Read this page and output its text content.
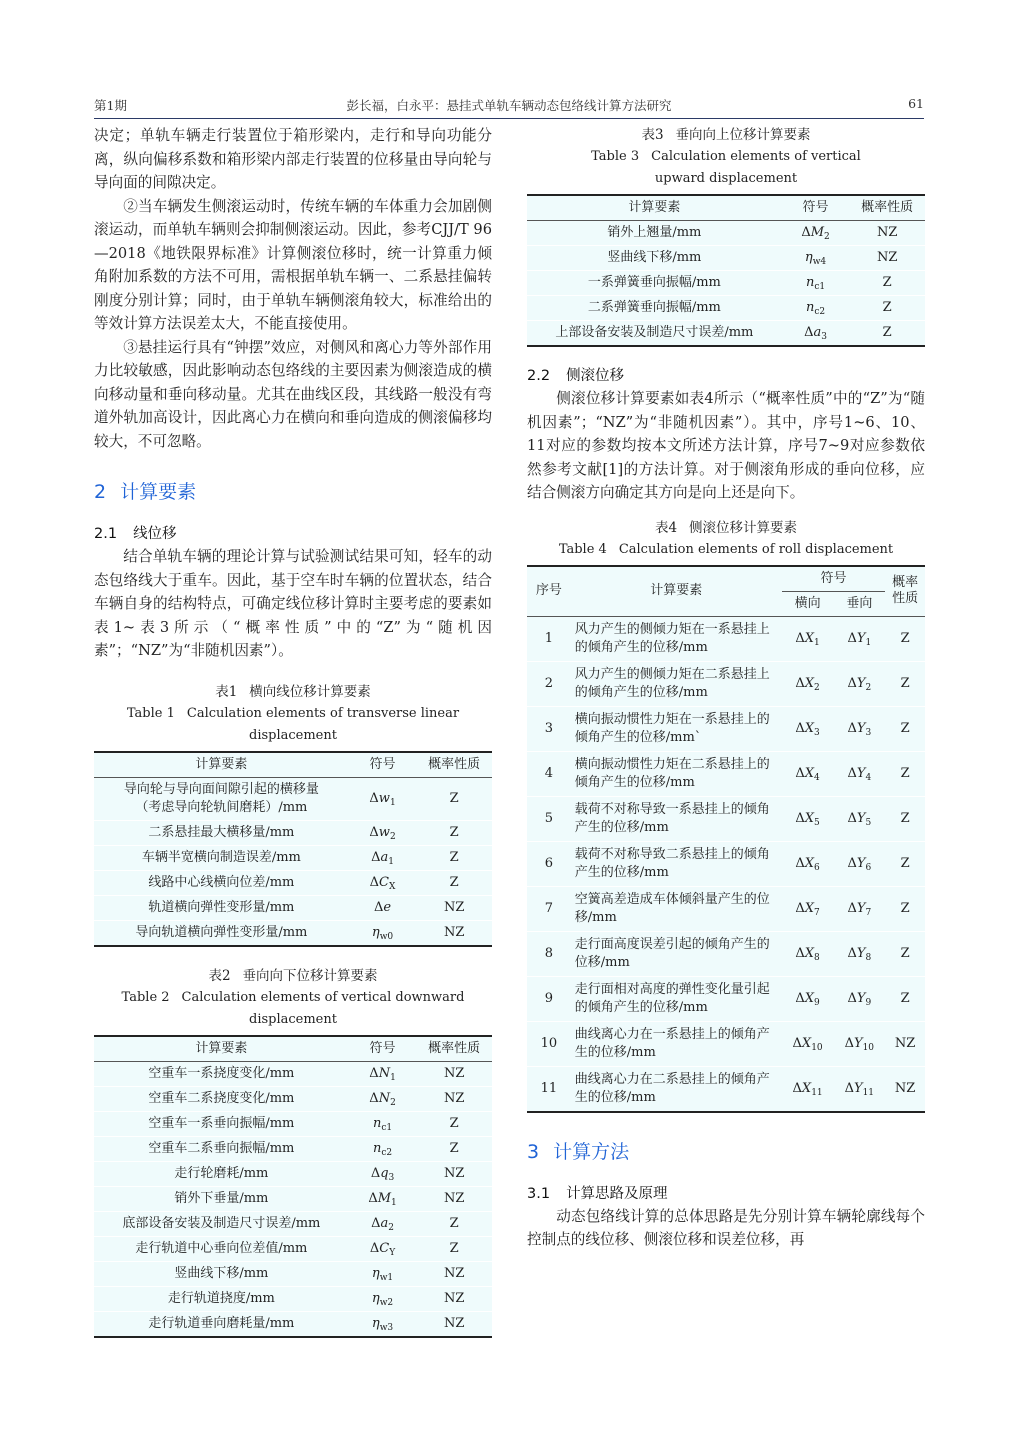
第1期	彭长福，白永平：悬挂式单轨车辆动态包络线计算方法研究	61

决定；单轨车辆走行装置位于箱形梁内，走行和导向功能分离，纵向偏移系数和箱形梁内部走行装置的位移量由导向轮与导向面的间隙决定。

②当车辆发生侧滚运动时，传统车辆的车体重力会加剧侧滚运动，而单轨车辆则会抑制侧滚运动。因此，参考CJJ/T 96—2018《地铁限界标准》计算侧滚位移时，统一计算重力倾角附加系数的方法不可用，需根据单轨车辆一、二系悬挂偏转刚度分别计算；同时，由于单轨车辆侧滚角较大，标准给出的等效计算方法误差太大，不能直接使用。

③悬挂运行具有“钟摆”效应，对侧风和离心力等外部作用力比较敏感，因此影响动态包络线的主要因素为侧滚造成的横向移动量和垂向移动量。尤其在曲线区段，其线路一般没有弯道外轨加高设计，因此离心力在横向和垂向造成的侧滚偏移均较大，不可忽略。

2 计算要素
2.1 线位移

结合单轨车辆的理论计算与试验测试结果可知，轻车的动态包络线大于重车。因此，基于空车时车辆的位置状态，结合车辆自身的结构特点，可确定线位移计算时主要考虑的要素如表1~表3所示（“概率性质”中的“Z”为“随机因素”；“NZ”为“非随机因素”）。

表1 横向线位移计算要素

Table 1 Calculation elements of transverse linear displacement

计算要素	符号	概率性质

导向轮与导向面间隙引起的横移量
（考虑导向轮轨间磨耗）/mm	$\Delta w_1$	Z

二系悬挂最大横移量/mm	$\Delta w_2$	Z

车辆半宽横向制造误差/mm	$\Delta a_1$	Z

线路中心线横向位差/mm	$\Delta C_X$	Z

轨道横向弹性变形量/mm	Δe	NZ

导向轨道横向弹性变形量/mm	$\eta_{w0}$	NZ

表2 垂向向下位移计算要素

Table 2 Calculation elements of vertical downward displacement

计算要素	符号	概率性质

空重车一系挠度变化/mm	$\Delta N_1$	NZ

空重车二系挠度变化/mm	$\Delta N_2$	NZ

空重车一系垂向振幅/mm	$n_{c1}$	Z

空重车二系垂向振幅/mm	$n_{c2}$	Z

走行轮磨耗/mm	$\Delta q_3$	NZ

销外下垂量/mm	$\Delta M_1$	NZ

底部设备安装及制造尺寸误差/mm	$\Delta a_2$	Z

走行轨道中心垂向位差值/mm	$\Delta C_Y$	Z

竖曲线下移/mm	$\eta_{w1}$	NZ

走行轨道挠度/mm	$\eta_{w2}$	NZ

走行轨道垂向磨耗量/mm	$\eta_{w3}$	NZ

表3 垂向向上位移计算要素

Table 3 Calculation elements of vertical upward displacement

计算要素	符号	概率性质

销外上翘量/mm	$\Delta M_2$	NZ

竖曲线下移/mm	$\eta_{w4}$	NZ

一系弹簧垂向振幅/mm	$n_{c1}$	Z

二系弹簧垂向振幅/mm	$n_{c2}$	Z

上部设备安装及制造尺寸误差/mm	$\Delta a_3$	Z
2.2 侧滚位移

侧滚位移计算要素如表4所示（“概率性质”中的“Z”为“随机因素”；“NZ”为“非随机因素”）。其中，序号1~6、10、11对应的参数均按本文所述方法计算，序号7~9对应参数依然参考文献[1]的方法计算。对于侧滚角形成的垂向位移，应结合侧滚方向确定其方向是向上还是向下。

表4 侧滚位移计算要素

Table 4 Calculation elements of roll displacement

序号	计算要素	符号		概率性质
		横向	垂向	
1	风力产生的侧倾力矩在一系悬挂上的倾角产生的位移/mm	$\Delta X_1$	$\Delta Y_1$	Z
2	风力产生的侧倾力矩在二系悬挂上的倾角产生的位移/mm	$\Delta X_2$	$\Delta Y_2$	Z
3	横向振动惯性力矩在一系悬挂上的倾角产生的位移/mm`	$\Delta X_3$	$\Delta Y_3$	Z
4	横向振动惯性力矩在二系悬挂上的倾角产生的位移/mm	$\Delta X_4$	$\Delta Y_4$	Z
5	载荷不对称导致一系悬挂上的倾角产生的位移/mm	$\Delta X_5$	$\Delta Y_5$	Z
6	载荷不对称导致二系悬挂上的倾角产生的位移/mm	$\Delta X_6$	$\Delta Y_6$	Z
7	空簧高差造成车体倾斜量产生的位移/mm	$\Delta X_7$	$\Delta Y_7$	Z
8	走行面高度误差引起的倾角产生的位移/mm	$\Delta X_8$	$\Delta Y_8$	Z
9	走行面相对高度的弹性变化量引起的倾角产生的位移/mm	$\Delta X_9$	$\Delta Y_9$	Z
10	曲线离心力在一系悬挂上的倾角产生的位移/mm	$\Delta X_{10}$	$\Delta Y_{10}$	NZ
11	曲线离心力在二系悬挂上的倾角产生的位移/mm	$\Delta X_{11}$	$\Delta Y_{11}$	NZ
3 计算方法
3.1 计算思路及原理

动态包络线计算的总体思路是先分别计算车辆轮廓线每个控制点的线位移、侧滚位移和误差位移，再
